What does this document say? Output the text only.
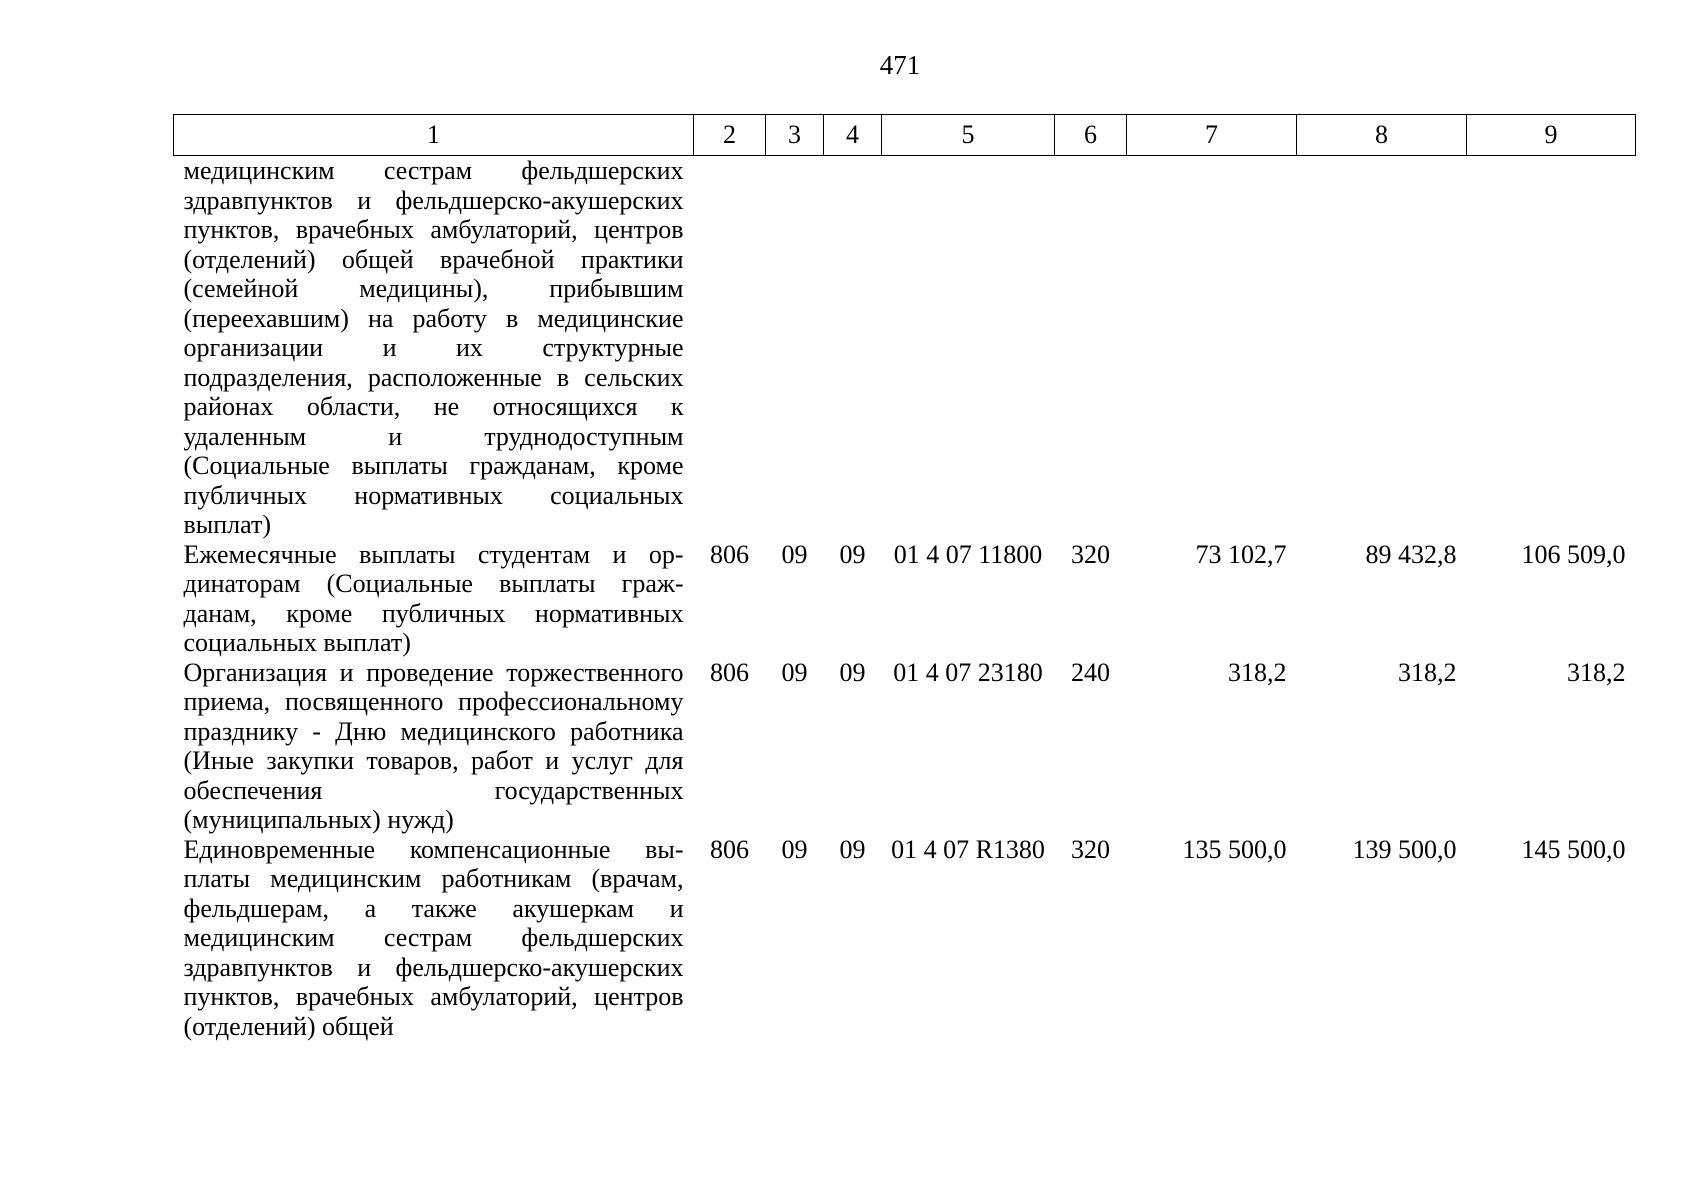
471
1	2	3	4	5	6	7	8	9
медицинским сестрам фельдшерских здравпунктов и фельдшерско-акушерских пунктов, врачебных амбулаторий, центров (отделений) общей врачебной практики (семейной медицины), прибывшим (переехавшим) на работу в медицинские организации и их структурные подразделения, расположенные в сельских районах области, не относящихся к удаленным и труднодоступным (Социальные выплаты гражданам, кроме публичных нормативных социальных выплат)								
Ежемесячные выплаты студентам и ординаторам (Социальные выплаты гражданам, кроме публичных нормативных социальных выплат)	806	09	09	01 4 07 11800	320	73 102,7	89 432,8	106 509,0
Организация и проведение торжественного приема, посвященного профессиональному празднику - Дню медицинского работника (Иные закупки товаров, работ и услуг для обеспечения государственных (муниципальных) нужд)	806	09	09	01 4 07 23180	240	318,2	318,2	318,2
Единовременные компенсационные выплаты медицинским работникам (врачам, фельдшерам, а также акушеркам и медицинским сестрам фельдшерских здравпунктов и фельдшерско-акушерских пунктов, врачебных амбулаторий, центров (отделений) общей	806	09	09	01 4 07 R1380	320	135 500,0	139 500,0	145 500,0
